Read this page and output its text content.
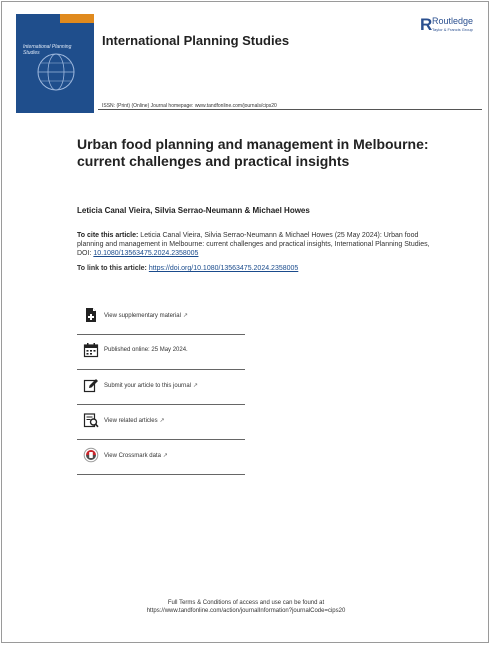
International Planning Studies
International Planning Studies
R Routledge
Taylor & Francis Group
ISSN: (Print) (Online) Journal homepage: www.tandfonline.com/journals/cips20
Urban food planning and management in Melbourne: current challenges and practical insights
Leticia Canal Vieira, Silvia Serrao-Neumann & Michael Howes
To cite this article: Leticia Canal Vieira, Silvia Serrao-Neumann & Michael Howes (25 May 2024): Urban food planning and management in Melbourne: current challenges and practical insights, International Planning Studies, DOI: 10.1080/13563475.2024.2358005
To link to this article: https://doi.org/10.1080/13563475.2024.2358005
View supplementary material ↗
Published online: 25 May 2024.
Submit your article to this journal ↗
View related articles ↗
View Crossmark data ↗
Full Terms & Conditions of access and use can be found at
https://www.tandfonline.com/action/journalInformation?journalCode=cips20
